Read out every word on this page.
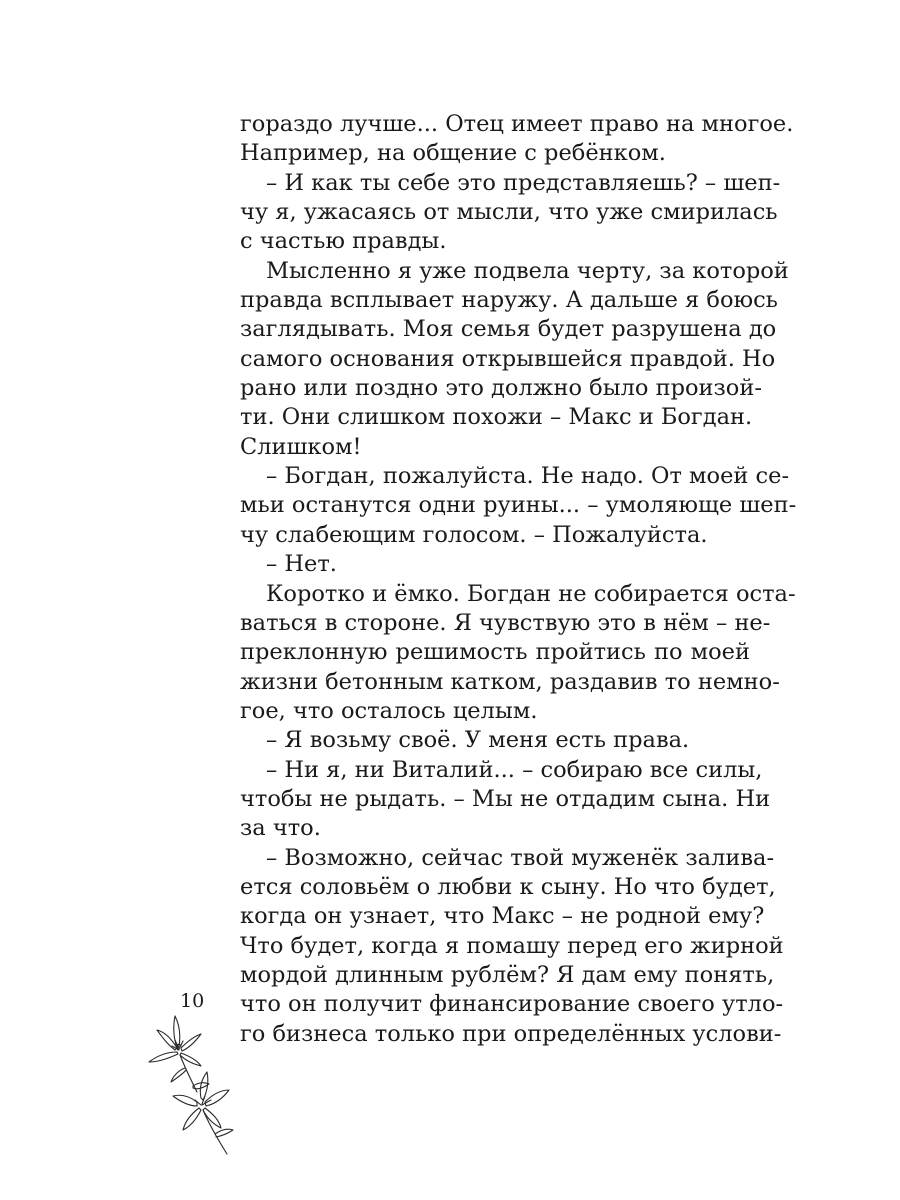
гораздо лучше... Отец имеет право на многое.
Например, на общение с ребёнком.
– И как ты себе это представляешь? – шеп-
чу я, ужасаясь от мысли, что уже смирилась
с частью правды.
Мысленно я уже подвела черту, за которой
правда всплывает наружу. А дальше я боюсь
заглядывать. Моя семья будет разрушена до
самого основания открывшейся правдой. Но
рано или поздно это должно было произой-
ти. Они слишком похожи – Макс и Богдан.
Слишком!
– Богдан, пожалуйста. Не надо. От моей се-
мьи останутся одни руины... – умоляюще шеп-
чу слабеющим голосом. – Пожалуйста.
– Нет.
Коротко и ёмко. Богдан не собирается оста-
ваться в стороне. Я чувствую это в нём – не-
преклонную решимость пройтись по моей
жизни бетонным катком, раздавив то немно-
гое, что осталось целым.
– Я возьму своё. У меня есть права.
– Ни я, ни Виталий... – собираю все силы,
чтобы не рыдать. – Мы не отдадим сына. Ни
за что.
– Возможно, сейчас твой муженёк залива-
ется соловьём о любви к сыну. Но что будет,
когда он узнает, что Макс – не родной ему?
Что будет, когда я помашу перед его жирной
мордой длинным рублём? Я дам ему понять,
что он получит финансирование своего утло-
го бизнеса только при определённых услови-
10
